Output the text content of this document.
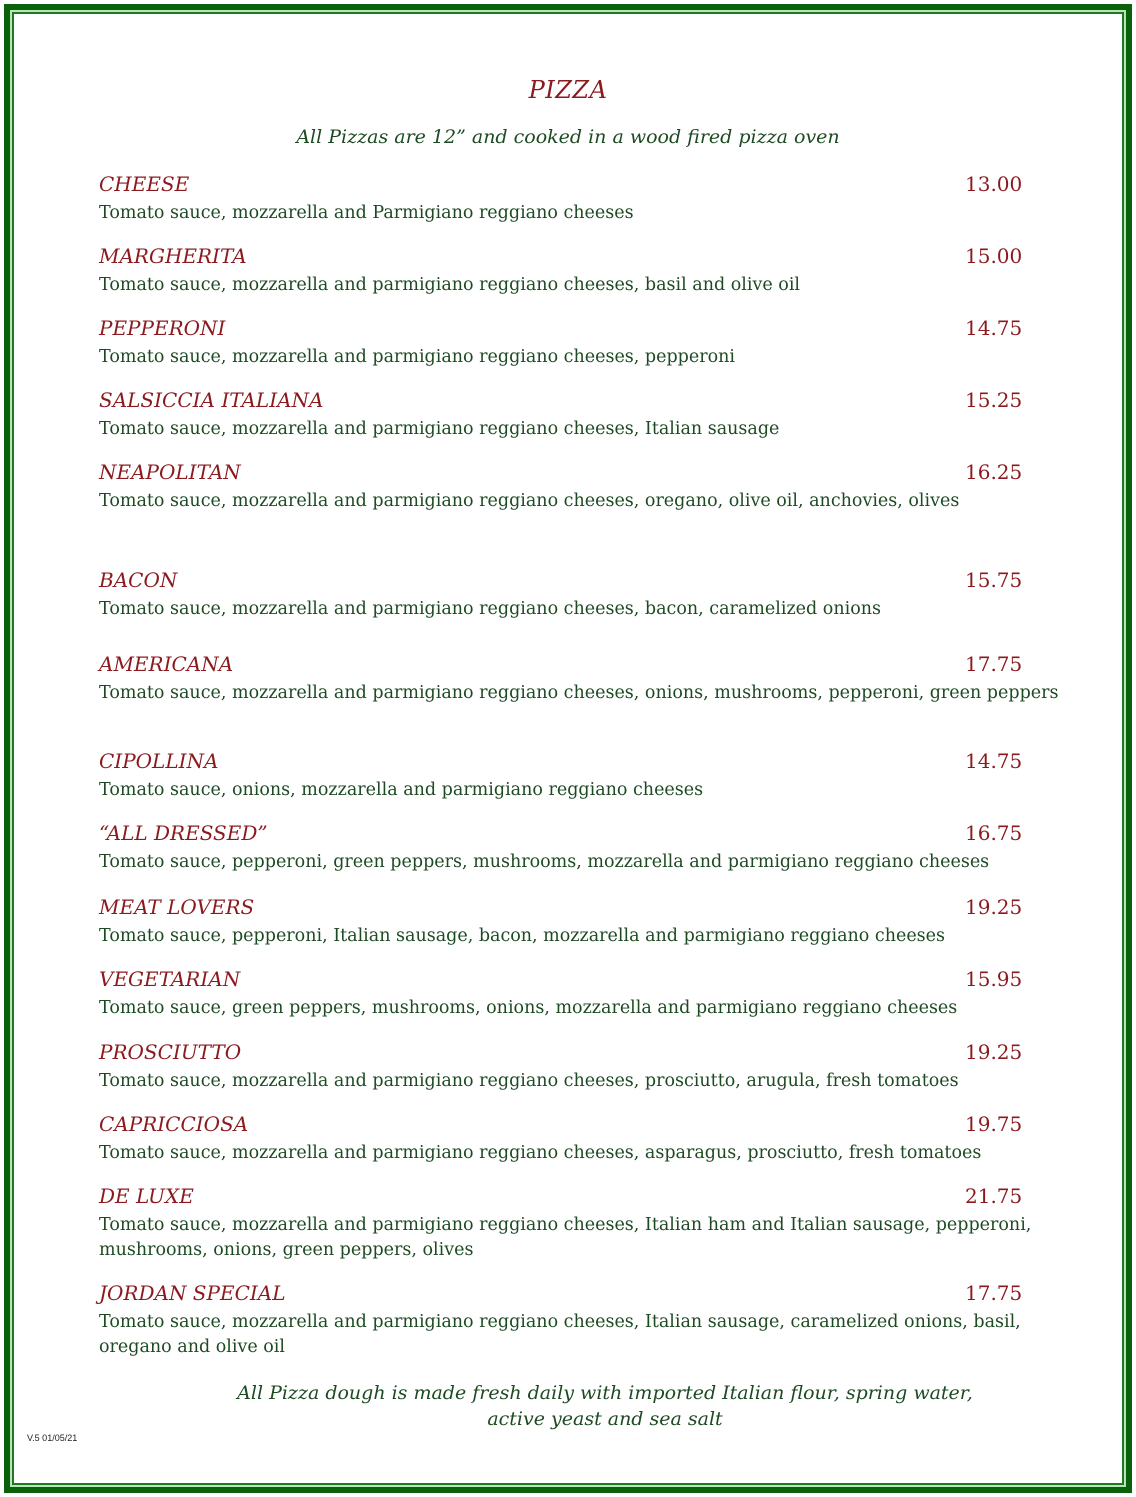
PIZZA
All Pizzas are 12” and cooked in a wood fired pizza oven
CHEESE	13.00
Tomato sauce, mozzarella and Parmigiano reggiano cheeses
MARGHERITA	15.00
Tomato sauce, mozzarella and parmigiano reggiano cheeses, basil and olive oil
PEPPERONI	14.75
Tomato sauce, mozzarella and parmigiano reggiano cheeses, pepperoni
SALSICCIA ITALIANA	15.25
Tomato sauce, mozzarella and parmigiano reggiano cheeses, Italian sausage
NEAPOLITAN	16.25
Tomato sauce, mozzarella and parmigiano reggiano cheeses, oregano, olive oil, anchovies, olives
BACON	15.75
Tomato sauce, mozzarella and parmigiano reggiano cheeses, bacon, caramelized onions
AMERICANA	17.75
Tomato sauce, mozzarella and parmigiano reggiano cheeses, onions, mushrooms, pepperoni, green peppers
CIPOLLINA	14.75
Tomato sauce, onions, mozzarella and parmigiano reggiano cheeses
“ALL DRESSED”	16.75
Tomato sauce, pepperoni, green peppers, mushrooms, mozzarella and parmigiano reggiano cheeses
MEAT LOVERS	19.25
Tomato sauce, pepperoni, Italian sausage, bacon, mozzarella and parmigiano reggiano cheeses
VEGETARIAN	15.95
Tomato sauce, green peppers, mushrooms, onions, mozzarella and parmigiano reggiano cheeses
PROSCIUTTO	19.25
Tomato sauce, mozzarella and parmigiano reggiano cheeses, prosciutto, arugula, fresh tomatoes
CAPRICCIOSA	19.75
Tomato sauce, mozzarella and parmigiano reggiano cheeses, asparagus, prosciutto, fresh tomatoes
DE LUXE	21.75
Tomato sauce, mozzarella and parmigiano reggiano cheeses, Italian ham and Italian sausage, pepperoni, mushrooms, onions, green peppers, olives
JORDAN SPECIAL	17.75
Tomato sauce, mozzarella and parmigiano reggiano cheeses, Italian sausage, caramelized onions, basil, oregano and olive oil
All Pizza dough is made fresh daily with imported Italian flour, spring water,
active yeast and sea salt
V.5 01/05/21
